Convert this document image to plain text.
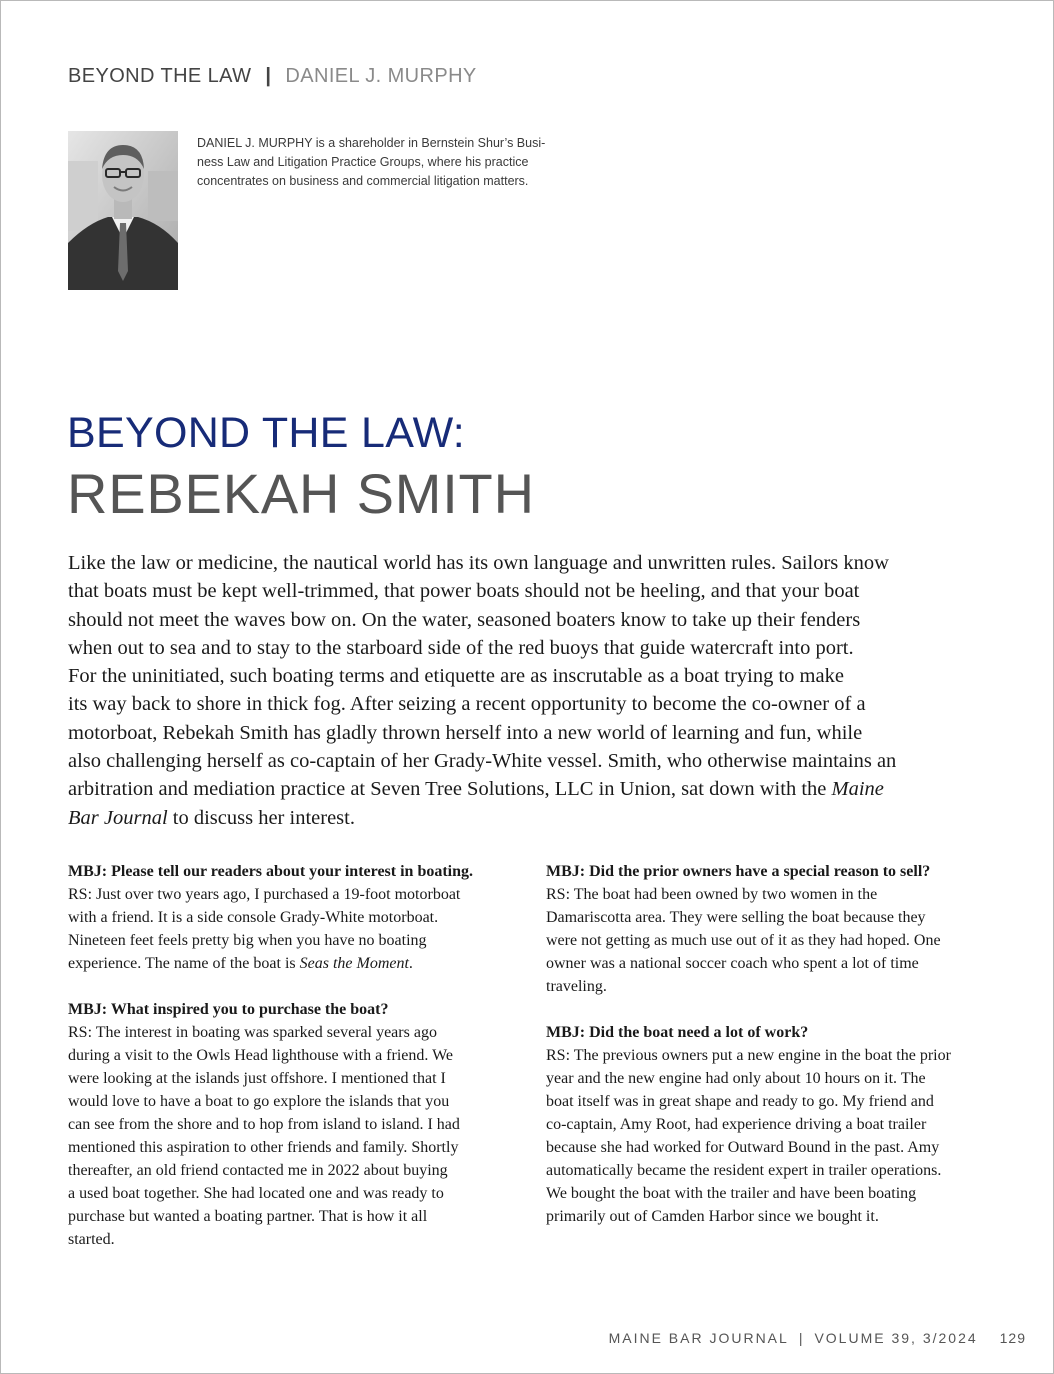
BEYOND THE LAW | DANIEL J. MURPHY
DANIEL J. MURPHY is a shareholder in Bernstein Shur’s Busi-
ness Law and Litigation Practice Groups, where his practice
concentrates on business and commercial litigation matters.
BEYOND THE LAW:
REBEKAH SMITH
Like the law or medicine, the nautical world has its own language and unwritten rules. Sailors know
that boats must be kept well-trimmed, that power boats should not be heeling, and that your boat
should not meet the waves bow on. On the water, seasoned boaters know to take up their fenders
when out to sea and to stay to the starboard side of the red buoys that guide watercraft into port.
For the uninitiated, such boating terms and etiquette are as inscrutable as a boat trying to make
its way back to shore in thick fog. After seizing a recent opportunity to become the co-owner of a
motorboat, Rebekah Smith has gladly thrown herself into a new world of learning and fun, while
also challenging herself as co-captain of her Grady-White vessel. Smith, who otherwise maintains an
arbitration and mediation practice at Seven Tree Solutions, LLC in Union, sat down with the Maine
Bar Journal to discuss her interest.
MBJ: Please tell our readers about your interest in boating.
RS: Just over two years ago, I purchased a 19-foot motorboat
with a friend. It is a side console Grady-White motorboat.
Nineteen feet feels pretty big when you have no boating
experience. The name of the boat is Seas the Moment.
MBJ: What inspired you to purchase the boat?
RS: The interest in boating was sparked several years ago
during a visit to the Owls Head lighthouse with a friend. We
were looking at the islands just offshore. I mentioned that I
would love to have a boat to go explore the islands that you
can see from the shore and to hop from island to island. I had
mentioned this aspiration to other friends and family. Shortly
thereafter, an old friend contacted me in 2022 about buying
a used boat together. She had located one and was ready to
purchase but wanted a boating partner. That is how it all
started.
MBJ: Did the prior owners have a special reason to sell?
RS: The boat had been owned by two women in the
Damariscotta area. They were selling the boat because they
were not getting as much use out of it as they had hoped. One
owner was a national soccer coach who spent a lot of time
traveling.
MBJ: Did the boat need a lot of work?
RS: The previous owners put a new engine in the boat the prior
year and the new engine had only about 10 hours on it. The
boat itself was in great shape and ready to go. My friend and
co-captain, Amy Root, had experience driving a boat trailer
because she had worked for Outward Bound in the past. Amy
automatically became the resident expert in trailer operations.
We bought the boat with the trailer and have been boating
primarily out of Camden Harbor since we bought it.
MAINE BAR JOURNAL | VOLUME 39, 3/2024 129
